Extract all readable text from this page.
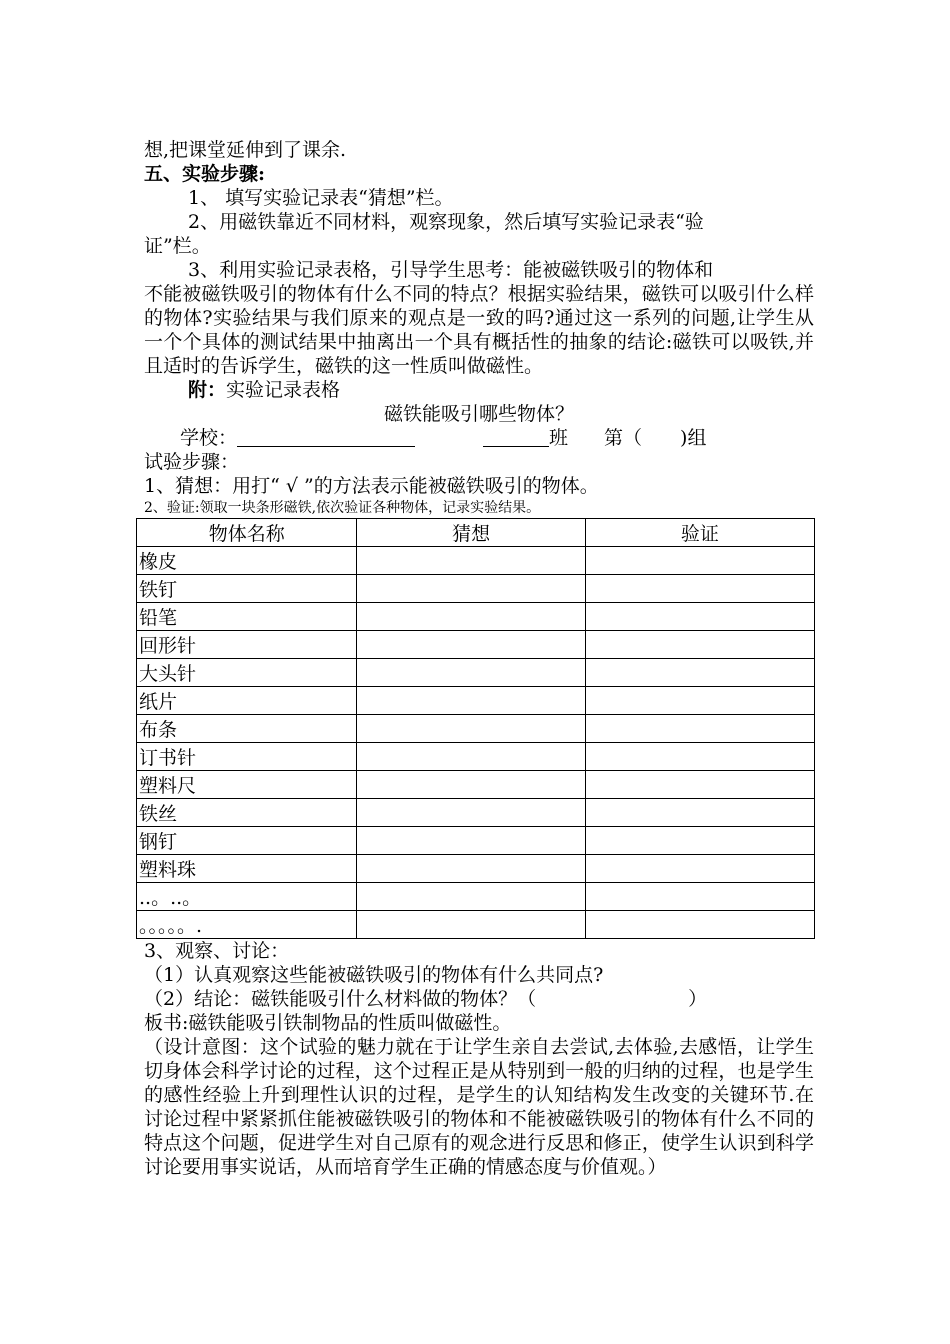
想,把课堂延伸到了课余.
五、实验步骤:
1、 填写实验记录表“猜想”栏。
2、用磁铁靠近不同材料，观察现象，然后填写实验记录表“验
证”栏。
3、利用实验记录表格，引导学生思考：能被磁铁吸引的物体和
不能被磁铁吸引的物体有什么不同的特点？根据实验结果，磁铁可以吸引什么样的物体?实验结果与我们原来的观点是一致的吗?通过这一系列的问题,让学生从一个个具体的测试结果中抽离出一个具有概括性的抽象的结论:磁铁可以吸铁,并且适时的告诉学生，磁铁的这一性质叫做磁性。
附：实验记录表格
磁铁能吸引哪些物体？
学校：	班 第（　　)组
试验步骤：
1、猜想：用打“ √ ”的方法表示能被磁铁吸引的物体。
2、验证:领取一块条形磁铁,依次验证各种物体，记录实验结果。
物体名称	猜想	验证
橡皮		
铁钉		
铅笔		
回形针		
大头针		
纸片		
布条		
订书针		
塑料尺		
铁丝		
钢钉		
塑料珠		
..。..。		
。。。。。.		
3、观察、讨论：
（1）认真观察这些能被磁铁吸引的物体有什么共同点?
（2）结论：磁铁能吸引什么材料做的物体？（　　　　　　　　）
板书:磁铁能吸引铁制物品的性质叫做磁性。
（设计意图：这个试验的魅力就在于让学生亲自去尝试,去体验,去感悟，让学生切身体会科学讨论的过程，这个过程正是从特别到一般的归纳的过程，也是学生的感性经验上升到理性认识的过程，是学生的认知结构发生改变的关键环节.在讨论过程中紧紧抓住能被磁铁吸引的物体和不能被磁铁吸引的物体有什么不同的特点这个问题，促进学生对自己原有的观念进行反思和修正，使学生认识到科学讨论要用事实说话，从而培育学生正确的情感态度与价值观。）
